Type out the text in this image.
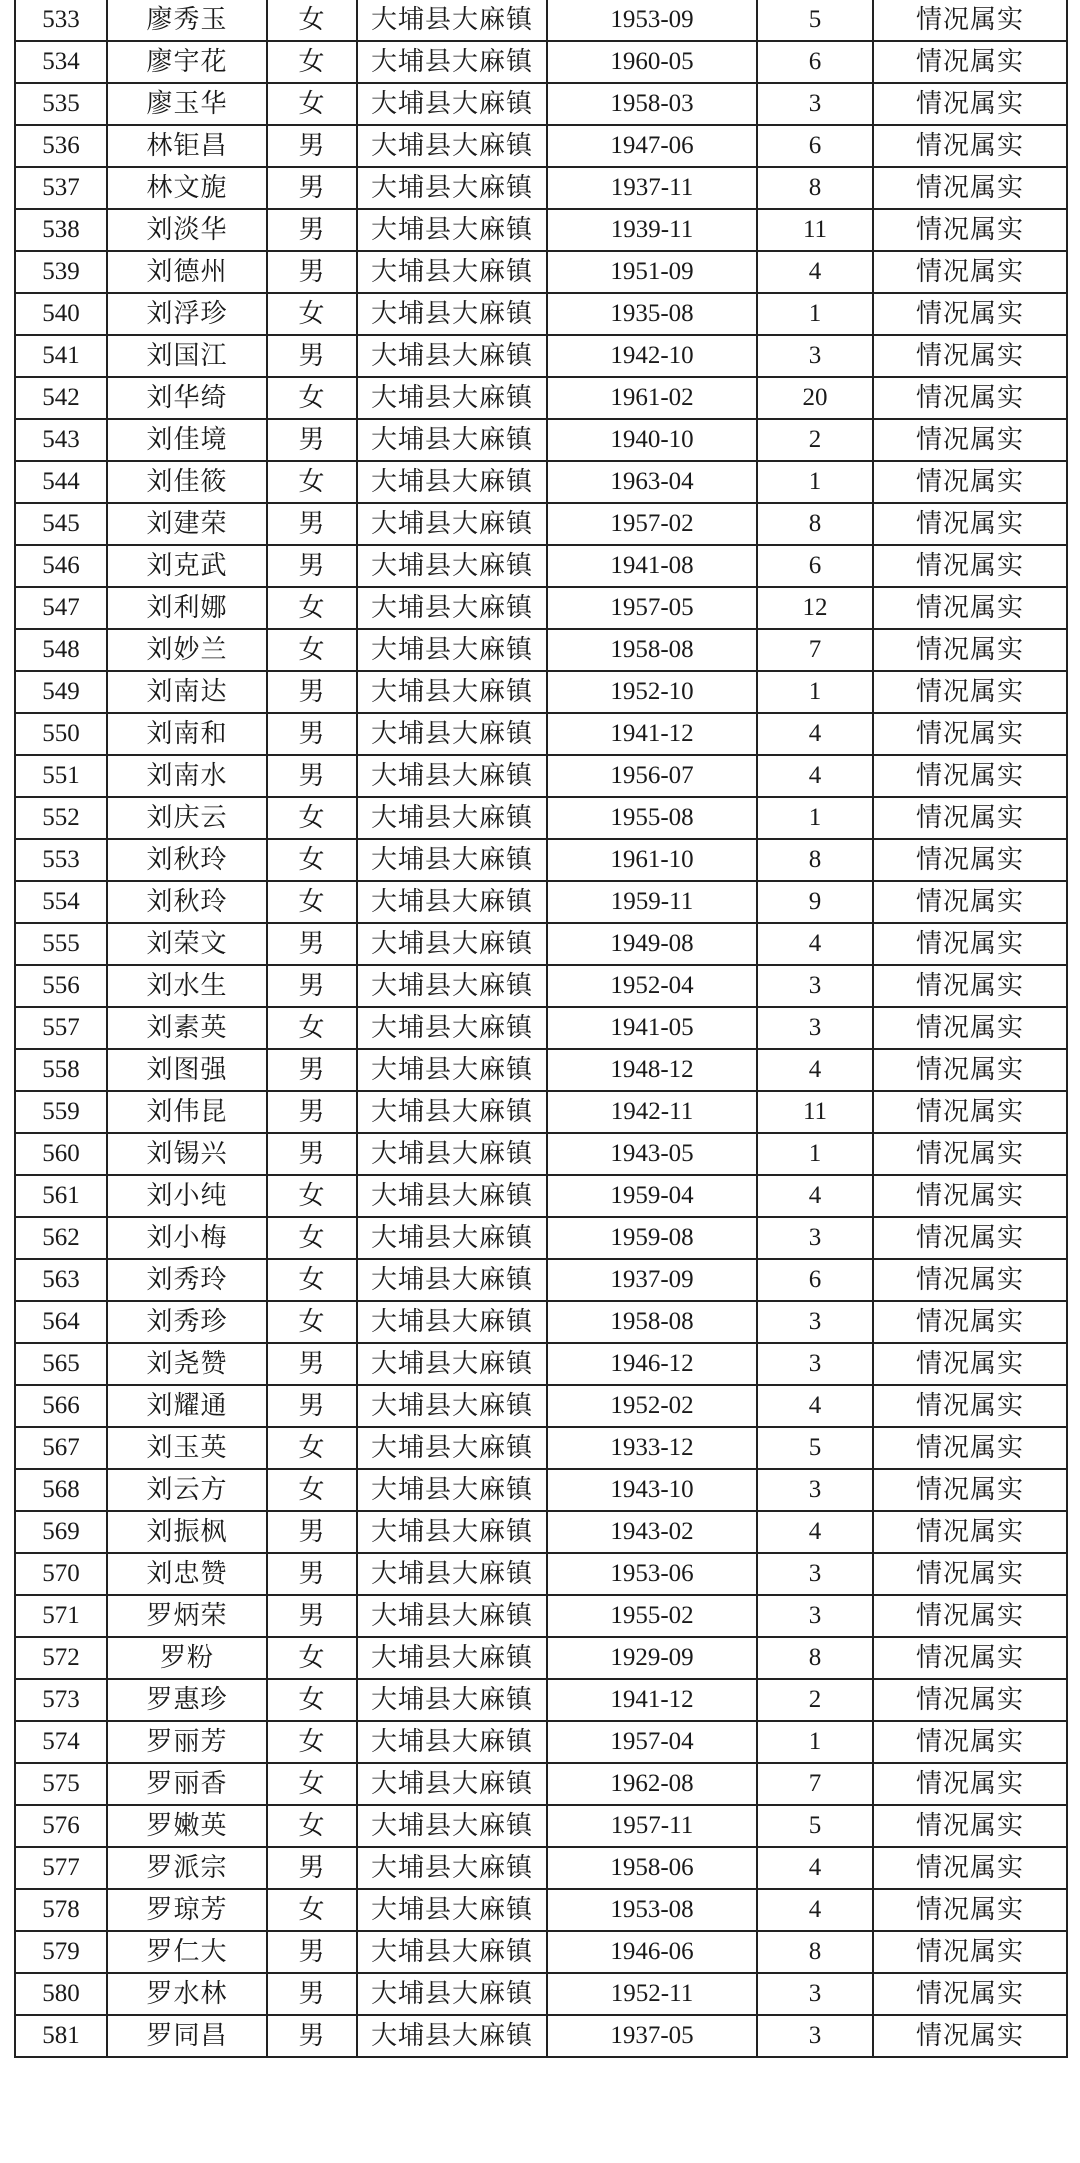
533	廖秀玉	女	大埔县大麻镇	1953-09	5	情况属实
534	廖宇花	女	大埔县大麻镇	1960-05	6	情况属实
535	廖玉华	女	大埔县大麻镇	1958-03	3	情况属实
536	林钜昌	男	大埔县大麻镇	1947-06	6	情况属实
537	林文旎	男	大埔县大麻镇	1937-11	8	情况属实
538	刘淡华	男	大埔县大麻镇	1939-11	11	情况属实
539	刘德州	男	大埔县大麻镇	1951-09	4	情况属实
540	刘浮珍	女	大埔县大麻镇	1935-08	1	情况属实
541	刘国江	男	大埔县大麻镇	1942-10	3	情况属实
542	刘华绮	女	大埔县大麻镇	1961-02	20	情况属实
543	刘佳境	男	大埔县大麻镇	1940-10	2	情况属实
544	刘佳筱	女	大埔县大麻镇	1963-04	1	情况属实
545	刘建荣	男	大埔县大麻镇	1957-02	8	情况属实
546	刘克武	男	大埔县大麻镇	1941-08	6	情况属实
547	刘利娜	女	大埔县大麻镇	1957-05	12	情况属实
548	刘妙兰	女	大埔县大麻镇	1958-08	7	情况属实
549	刘南达	男	大埔县大麻镇	1952-10	1	情况属实
550	刘南和	男	大埔县大麻镇	1941-12	4	情况属实
551	刘南水	男	大埔县大麻镇	1956-07	4	情况属实
552	刘庆云	女	大埔县大麻镇	1955-08	1	情况属实
553	刘秋玲	女	大埔县大麻镇	1961-10	8	情况属实
554	刘秋玲	女	大埔县大麻镇	1959-11	9	情况属实
555	刘荣文	男	大埔县大麻镇	1949-08	4	情况属实
556	刘水生	男	大埔县大麻镇	1952-04	3	情况属实
557	刘素英	女	大埔县大麻镇	1941-05	3	情况属实
558	刘图强	男	大埔县大麻镇	1948-12	4	情况属实
559	刘伟昆	男	大埔县大麻镇	1942-11	11	情况属实
560	刘锡兴	男	大埔县大麻镇	1943-05	1	情况属实
561	刘小纯	女	大埔县大麻镇	1959-04	4	情况属实
562	刘小梅	女	大埔县大麻镇	1959-08	3	情况属实
563	刘秀玲	女	大埔县大麻镇	1937-09	6	情况属实
564	刘秀珍	女	大埔县大麻镇	1958-08	3	情况属实
565	刘尧赞	男	大埔县大麻镇	1946-12	3	情况属实
566	刘耀通	男	大埔县大麻镇	1952-02	4	情况属实
567	刘玉英	女	大埔县大麻镇	1933-12	5	情况属实
568	刘云方	女	大埔县大麻镇	1943-10	3	情况属实
569	刘振枫	男	大埔县大麻镇	1943-02	4	情况属实
570	刘忠赞	男	大埔县大麻镇	1953-06	3	情况属实
571	罗炳荣	男	大埔县大麻镇	1955-02	3	情况属实
572	罗粉	女	大埔县大麻镇	1929-09	8	情况属实
573	罗惠珍	女	大埔县大麻镇	1941-12	2	情况属实
574	罗丽芳	女	大埔县大麻镇	1957-04	1	情况属实
575	罗丽香	女	大埔县大麻镇	1962-08	7	情况属实
576	罗嫩英	女	大埔县大麻镇	1957-11	5	情况属实
577	罗派宗	男	大埔县大麻镇	1958-06	4	情况属实
578	罗琼芳	女	大埔县大麻镇	1953-08	4	情况属实
579	罗仁大	男	大埔县大麻镇	1946-06	8	情况属实
580	罗水林	男	大埔县大麻镇	1952-11	3	情况属实
581	罗同昌	男	大埔县大麻镇	1937-05	3	情况属实
